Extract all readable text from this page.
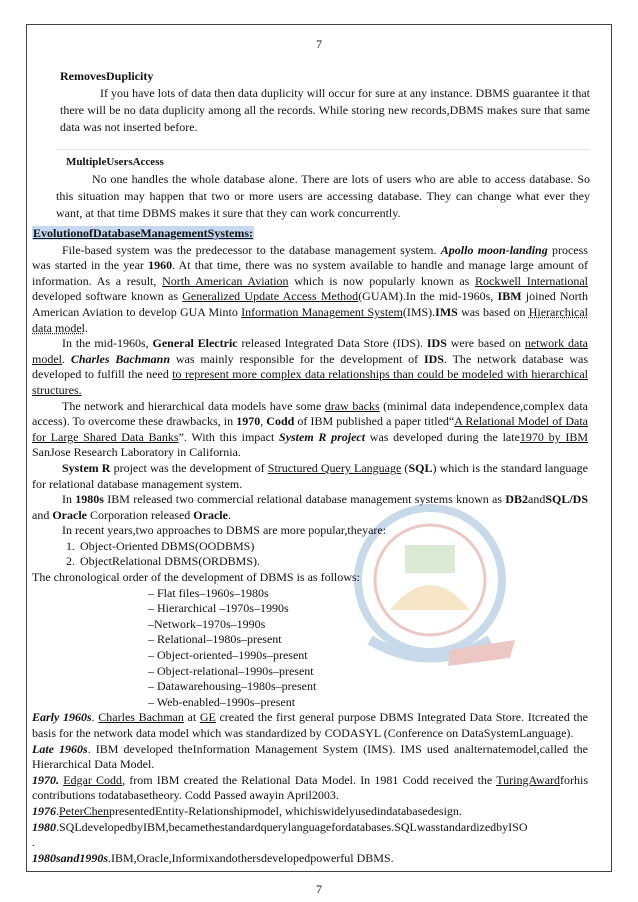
7
RemovesDuplicity

If you have lots of data then data duplicity will occur for sure at any instance. DBMS guarantee it that there will be no data duplicity among all the records. While storing new records,DBMS makes sure that same data was not inserted before.

MultipleUsersAccess

No one handles the whole database alone. There are lots of users who are able to access database. So this situation may happen that two or more users are accessing database. They can change what ever they want, at that time DBMS makes it sure that they can work concurrently.

EvolutionofDatabaseManagementSystems:

File-based system was the predecessor to the database management system. Apollo moon-landing process was started in the year 1960. At that time, there was no system available to handle and manage large amount of information. As a result, North American Aviation which is now popularly known as Rockwell International developed software known as Generalized Update Access Method(GUAM).In the mid-1960s, IBM joined North American Aviation to develop GUA Minto Information Management System(IMS).IMS was based on Hierarchical data model.

In the mid-1960s, General Electric released Integrated Data Store (IDS). IDS were based on network data model. Charles Bachmann was mainly responsible for the development of IDS. The network database was developed to fulfill the need to represent more complex data relationships than could be modeled with hierarchical structures.

The network and hierarchical data models have some draw backs (minimal data independence,complex data access). To overcome these drawbacks, in 1970, Codd of IBM published a paper titled“A Relational Model of Data for Large Shared Data Banks”. With this impact System R project was developed during the late1970 by IBM SanJose Research Laboratory in California.

System R project was the development of Structured Query Language (SQL) which is the standard language for relational database management system.

In 1980s IBM released two commercial relational database management systems known as DB2andSQL/DS and Oracle Corporation released Oracle.

In recent years,two approaches to DBMS are more popular,theyare:

1. Object-Oriented DBMS(OODBMS)
2. ObjectRelational DBMS(ORDBMS).

The chronological order of the development of DBMS is as follows:

– Flat files–1960s–1980s
– Hierarchical –1970s–1990s
–Network–1970s–1990s
– Relational–1980s–present
– Object-oriented–1990s–present
– Object-relational–1990s–present
– Datawarehousing–1980s–present
– Web-enabled–1990s–present

Early 1960s. Charles Bachman at GE created the first general purpose DBMS Integrated Data Store. Itcreated the basis for the network data model which was standardized by CODASYL (Conference on DataSystemLanguage).

Late 1960s. IBM developed theInformation Management System (IMS). IMS used analternatemodel,called the Hierarchical Data Model.

1970. Edgar Codd, from IBM created the Relational Data Model. In 1981 Codd received the TuringAwardforhis contributions todatabasetheory. Codd Passed awayin April2003.

1976.PeterChenpresentedEntity-Relationshipmodel, whichiswidelyusedindatabasedesign.

1980.SQLdevelopedbyIBM,becamethestandardquerylanguagefordatabases.SQLwasstandardizedbyISO
.

1980sand1990s.IBM,Oracle,Informixandothersdevelopedpowerful DBMS.

7
